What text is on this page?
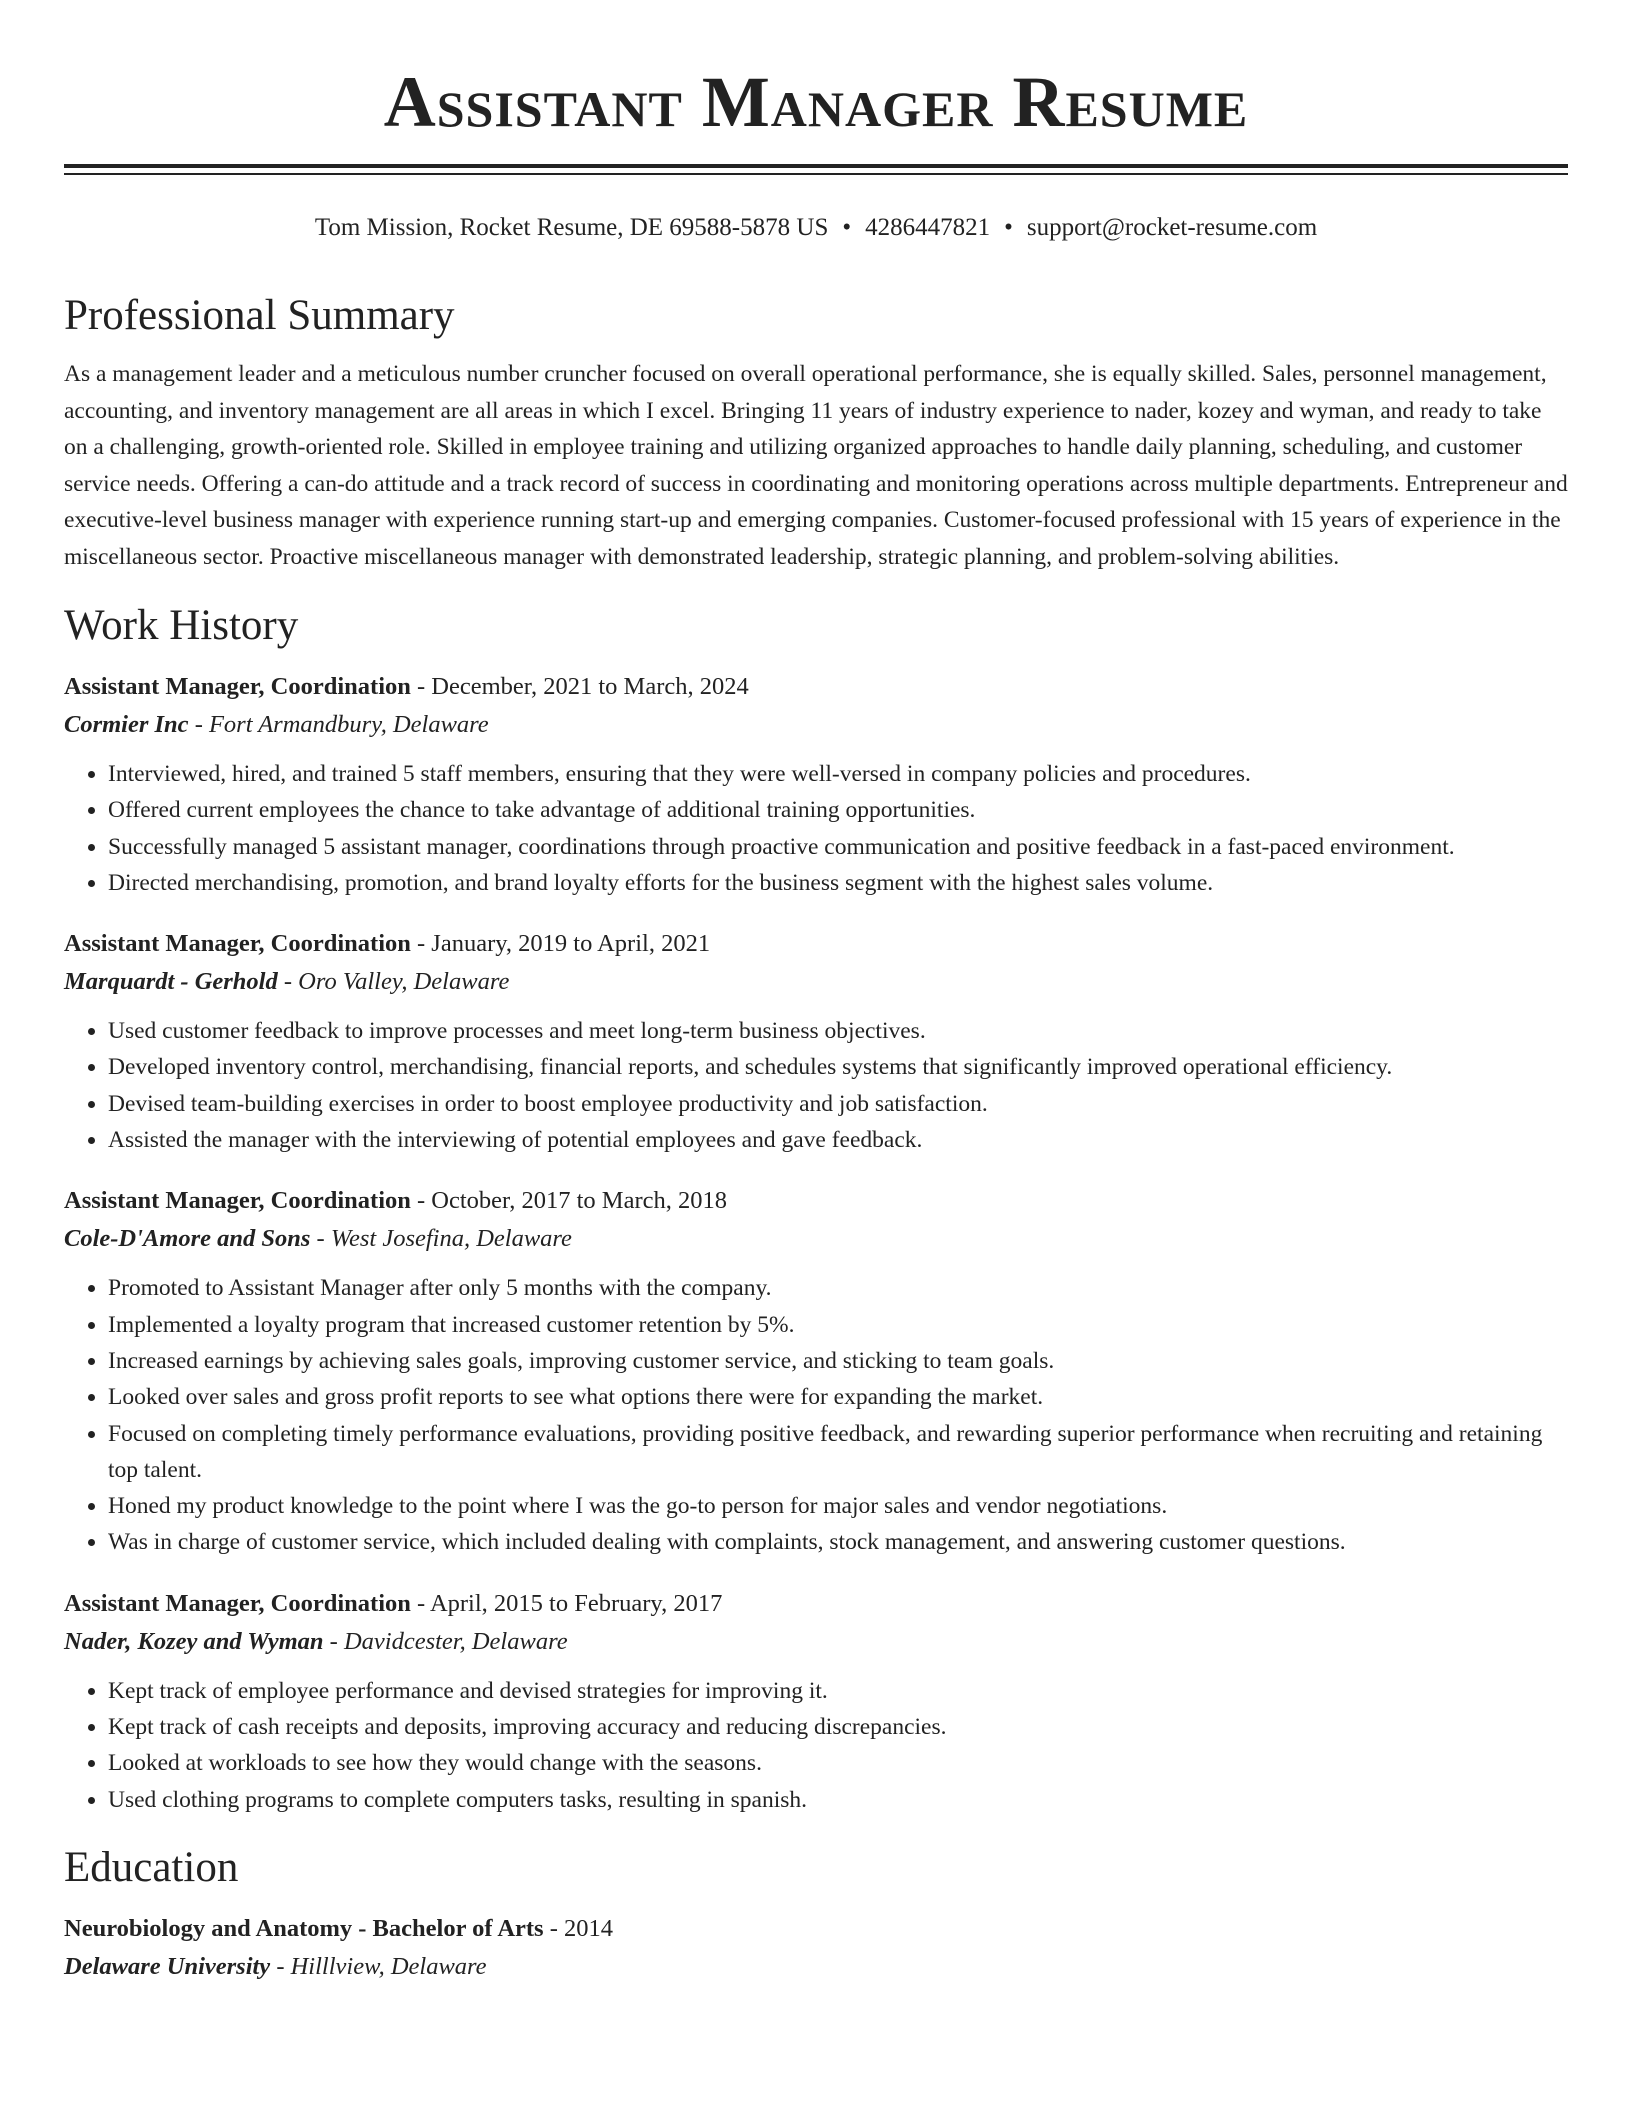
Assistant Manager Resume
Tom Mission, Rocket Resume, DE 69588-5878 US • 4286447821 • support@rocket-resume.com
Professional Summary

As a management leader and a meticulous number cruncher focused on overall operational performance, she is equally skilled. Sales, personnel management, accounting, and inventory management are all areas in which I excel. Bringing 11 years of industry experience to nader, kozey and wyman, and ready to take on a challenging, growth-oriented role. Skilled in employee training and utilizing organized approaches to handle daily planning, scheduling, and customer service needs. Offering a can-do attitude and a track record of success in coordinating and monitoring operations across multiple departments. Entrepreneur and executive-level business manager with experience running start-up and emerging companies. Customer-focused professional with 15 years of experience in the miscellaneous sector. Proactive miscellaneous manager with demonstrated leadership, strategic planning, and problem-solving abilities.

Work History
Assistant Manager, Coordination - December, 2021 to March, 2024
Cormier Inc - Fort Armandbury, Delaware
• Interviewed, hired, and trained 5 staff members, ensuring that they were well-versed in company policies and procedures.
• Offered current employees the chance to take advantage of additional training opportunities.
• Successfully managed 5 assistant manager, coordinations through proactive communication and positive feedback in a fast-paced environment.
• Directed merchandising, promotion, and brand loyalty efforts for the business segment with the highest sales volume.
Assistant Manager, Coordination - January, 2019 to April, 2021
Marquardt - Gerhold - Oro Valley, Delaware
• Used customer feedback to improve processes and meet long-term business objectives.
• Developed inventory control, merchandising, financial reports, and schedules systems that significantly improved operational efficiency.
• Devised team-building exercises in order to boost employee productivity and job satisfaction.
• Assisted the manager with the interviewing of potential employees and gave feedback.
Assistant Manager, Coordination - October, 2017 to March, 2018
Cole-D'Amore and Sons - West Josefina, Delaware
• Promoted to Assistant Manager after only 5 months with the company.
• Implemented a loyalty program that increased customer retention by 5%.
• Increased earnings by achieving sales goals, improving customer service, and sticking to team goals.
• Looked over sales and gross profit reports to see what options there were for expanding the market.
• Focused on completing timely performance evaluations, providing positive feedback, and rewarding superior performance when recruiting and retaining top talent.
• Honed my product knowledge to the point where I was the go-to person for major sales and vendor negotiations.
• Was in charge of customer service, which included dealing with complaints, stock management, and answering customer questions.
Assistant Manager, Coordination - April, 2015 to February, 2017
Nader, Kozey and Wyman - Davidcester, Delaware
• Kept track of employee performance and devised strategies for improving it.
• Kept track of cash receipts and deposits, improving accuracy and reducing discrepancies.
• Looked at workloads to see how they would change with the seasons.
• Used clothing programs to complete computers tasks, resulting in spanish.
Education
Neurobiology and Anatomy - Bachelor of Arts - 2014
Delaware University - Hilllview, Delaware
